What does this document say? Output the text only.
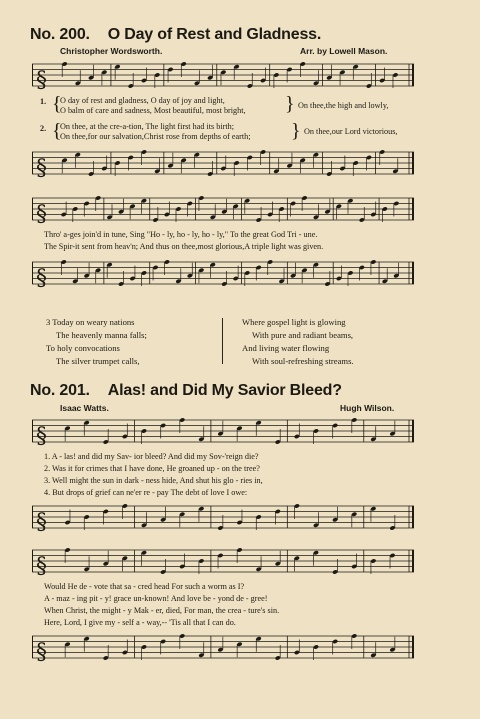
No. 200. O Day of Rest and Gladness.
Christopher Wordsworth.	Arr. by Lowell Mason.
§
1. {
O day of rest and gladness, O day of joy and light,
O balm of care and sadness, Most beautiful, most bright,	} On thee,the high and lowly,
2. {
On thee, at the cre-a-tion, The light first had its birth;
On thee,for our salvation,Christ rose from depths of earth;	} On thee,our Lord victorious,
§
§
Thro' a-ges join'd in tune, Sing "Ho - ly, ho - ly, ho - ly," To the great God Tri - une.
The Spir-it sent from heav'n; And thus on thee,most glorious,A triple light was given.
§
3 Today on weary nations
The heavenly manna falls;
To holy convocations
The silver trumpet calls,
Where gospel light is glowing
With pure and radiant beams,
And living water flowing
With soul-refreshing streams.
No. 201. Alas! and Did My Savior Bleed?
Isaac Watts.	Hugh Wilson.
§
1. A - las! and did my Sav- ior bleed? And did my Sov-'reign die?
2. Was it for crimes that I have done, He groaned up - on the tree?
3. Well might the sun in dark - ness hide, And shut his glo - ries in,
4. But drops of grief can ne'er re - pay The debt of love I owe:
§
§
Would He de - vote that sa - cred head For such a worm as I?
A - maz - ing pit - y! grace un-known! And love be - yond de - gree!
When Christ, the might - y Mak - er, died, For man, the crea - ture's sin.
Here, Lord, I give my - self a - way,-- 'Tis all that I can do.
§
